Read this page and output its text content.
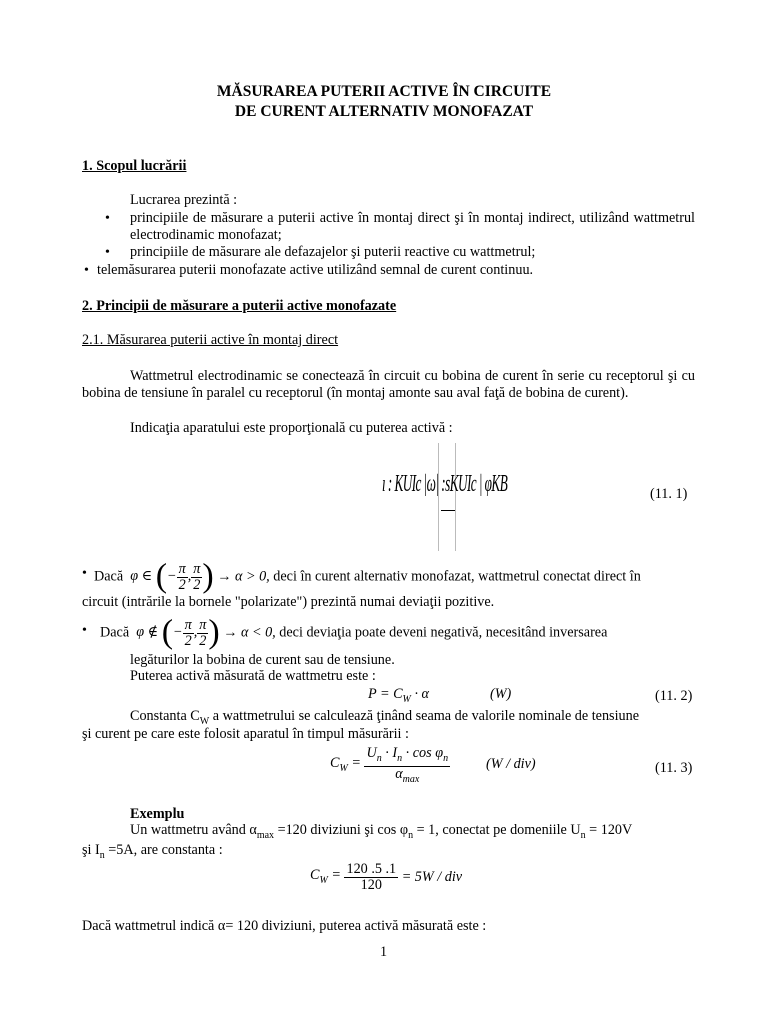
MĂSURAREA PUTERII ACTIVE ÎN CIRCUITE
DE CURENT ALTERNATIV MONOFAZAT
1. Scopul lucrării
Lucrarea prezintă :
• principiile de măsurare a puterii active în montaj direct şi în montaj indirect, utilizând wattmetrul electrodinamic monofazat;
• principiile de măsurare ale defazajelor şi puterii reactive cu wattmetrul;
• telemăsurarea puterii monofazate active utilizând semnal de curent continuu.
2. Principii de măsurare a puterii active monofazate
2.1. Măsurarea puterii active în montaj direct
Wattmetrul electrodinamic se conectează în circuit cu bobina de curent în serie cu receptorul şi cu bobina de tensiune în paralel cu receptorul (în montaj amonte sau aval faţă de bobina de curent).
Indicaţia aparatului este proporţională cu puterea activă :
ı : KUIc |ω| :sKUIc | φKB	(11. 1)
• Dacă  φ ∈ (− $\frac{\pi}{2}$ , $\frac{\pi}{2}$ ) → α > 0, deci în curent alternativ monofazat, wattmetrul conectat direct în
circuit (intrările la bornele "polarizate") prezintă numai deviaţii pozitive.
• Dacă  φ ∉ (− $\frac{\pi}{2}$ , $\frac{\pi}{2}$ ) → α < 0, deci deviaţia poate deveni negativă, necesitând inversarea
legăturilor la bobina de curent sau de tensiune.
Puterea activă măsurată de wattmetru este :
$P = C_W \cdot \alpha$	(W)	(11. 2)
Constanta $C_W$ a wattmetrului se calculează ţinând seama de valorile nominale de tensiune
şi curent pe care este folosit aparatul în timpul măsurării :
$C_W = \frac{U_n \cdot I_n \cdot \cos \varphi_n}{\alpha_{max}}$	(W / div)	(11. 3)
Exemplu
Un wattmetru având $\alpha_{max} =120$ diviziuni şi $\cos \varphi_n = 1$, conectat pe domeniile $U_n = 120V$
şi $I_n =5A$, are constanta :
$C_W = \frac{120 .5 .1}{120} = 5W$ / div
Dacă wattmetrul indică α= 120 diviziuni, puterea activă măsurată este :
1
